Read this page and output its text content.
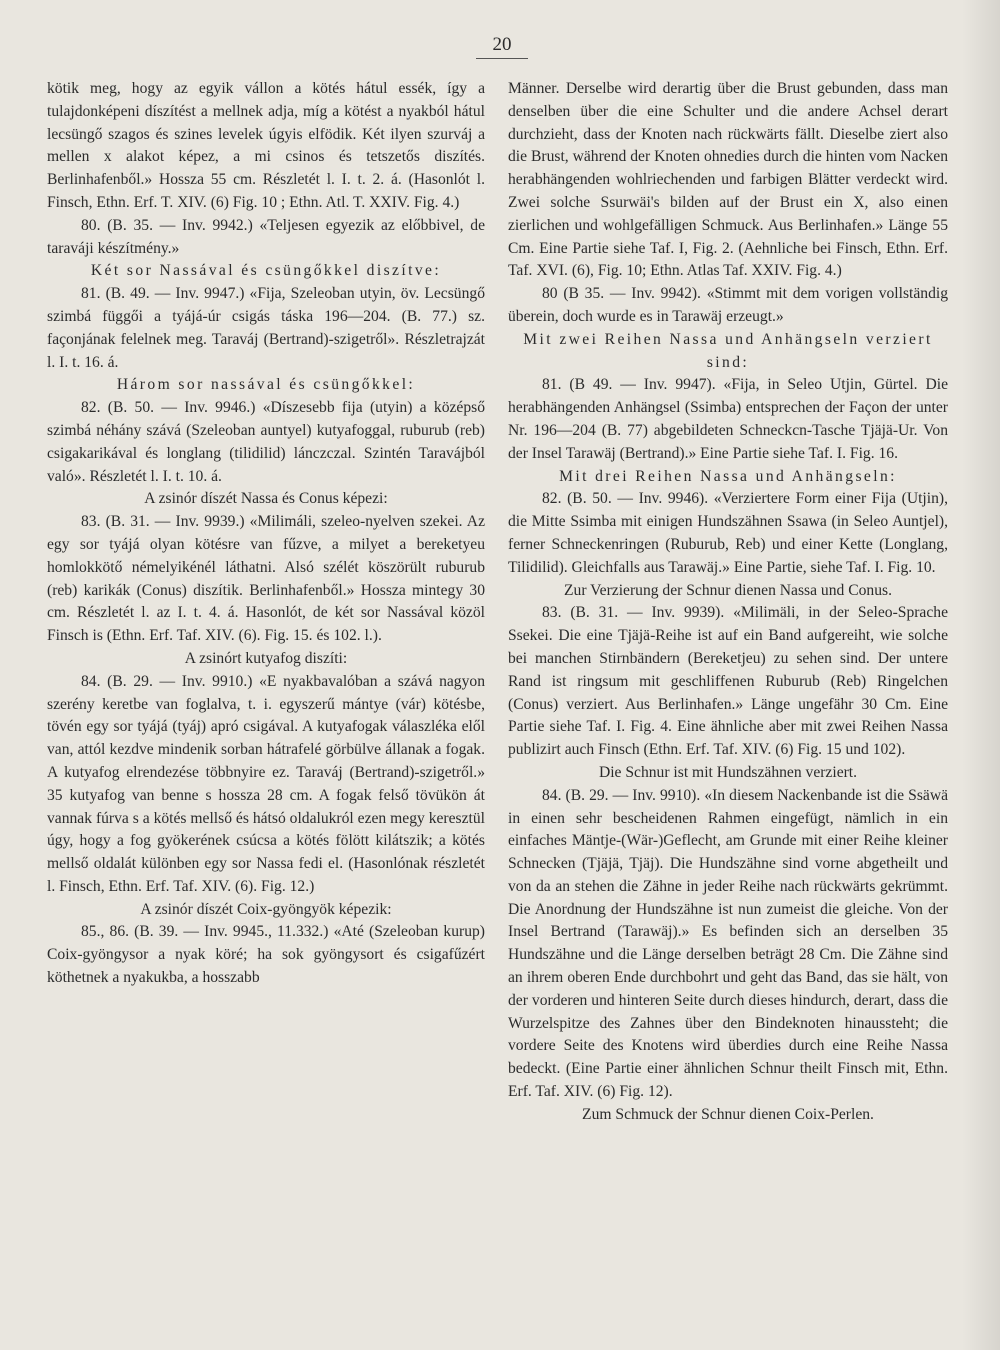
20

kötik meg, hogy az egyik vállon a kötés hátul essék, így a tulajdonképeni díszítést a mellnek adja, míg a kötést a nyakból hátul lecsüngő szagos és szines levelek úgyis elfödik. Két ilyen szurváj a mellen x alakot képez, a mi csinos és tetszetős diszítés. Berlinhafenből.» Hossza 55 cm. Részletét l. I. t. 2. á. (Hasonlót l. Finsch, Ethn. Erf. T. XIV. (6) Fig. 10 ; Ethn. Atl. T. XXIV. Fig. 4.)

80. (B. 35. — Inv. 9942.) «Teljesen egyezik az előbbivel, de taraváji készítmény.»

Két sor Nassával és csüngőkkel diszítve:

81. (B. 49. — Inv. 9947.) «Fija, Szeleoban utyin, öv. Lecsüngő szimbá függői a tyájá-úr csigás táska 196—204. (B. 77.) sz. façonjának felelnek meg. Taraváj (Bertrand)-szigetről». Részletrajzát l. I. t. 16. á.

Három sor nassával és csüngőkkel:

82. (B. 50. — Inv. 9946.) «Díszesebb fija (utyin) a középső szimbá néhány szává (Szeleoban auntyel) kutyafoggal, ruburub (reb) csigakarikával és longlang (tilidilid) lánczczal. Szintén Taravájból való». Részletét l. I. t. 10. á.

A zsinór díszét Nassa és Conus képezi:

83. (B. 31. — Inv. 9939.) «Milimáli, szeleo-nyelven szekei. Az egy sor tyájá olyan kötésre van fűzve, a milyet a bereketyeu homlokkötő némelyikénél láthatni. Alsó szélét köszörült ruburub (reb) karikák (Conus) diszítik. Berlinhafenből.» Hossza mintegy 30 cm. Részletét l. az I. t. 4. á. Hasonlót, de két sor Nassával közöl Finsch is (Ethn. Erf. Taf. XIV. (6). Fig. 15. és 102. l.).

A zsinórt kutyafog diszíti:

84. (B. 29. — Inv. 9910.) «E nyakbavalóban a szává nagyon szerény keretbe van foglalva, t. i. egyszerű mántye (vár) kötésbe, tövén egy sor tyájá (tyáj) apró csigával. A kutyafogak válaszléka elől van, attól kezdve mindenik sorban hátrafelé görbülve állanak a fogak. A kutyafog elrendezése többnyire ez. Taraváj (Bertrand)-szigetről.» 35 kutyafog van benne s hossza 28 cm. A fogak felső tövükön át vannak fúrva s a kötés mellső és hátsó oldalukról ezen megy keresztül úgy, hogy a fog gyökerének csúcsa a kötés fölött kilátszik; a kötés mellső oldalát különben egy sor Nassa fedi el. (Hasonlónak részletét l. Finsch, Ethn. Erf. Taf. XIV. (6). Fig. 12.)

A zsinór díszét Coix-gyöngyök képezik:

85., 86. (B. 39. — Inv. 9945., 11.332.) «Até (Szeleoban kurup) Coix-gyöngysor a nyak köré; ha sok gyöngysort és csigafűzért köthetnek a nyakukba, a hosszabb

Männer. Derselbe wird derartig über die Brust gebunden, dass man denselben über die eine Schulter und die andere Achsel derart durchzieht, dass der Knoten nach rückwärts fällt. Dieselbe ziert also die Brust, während der Knoten ohnedies durch die hinten vom Nacken herabhängenden wohlriechenden und farbigen Blätter verdeckt wird. Zwei solche Ssurwäi's bilden auf der Brust ein X, also einen zierlichen und wohlgefälligen Schmuck. Aus Berlinhafen.» Länge 55 Cm. Eine Partie siehe Taf. I, Fig. 2. (Aehnliche bei Finsch, Ethn. Erf. Taf. XVI. (6), Fig. 10; Ethn. Atlas Taf. XXIV. Fig. 4.)

80 (B 35. — Inv. 9942). «Stimmt mit dem vorigen vollständig überein, doch wurde es in Tarawäj erzeugt.»

Mit zwei Reihen Nassa und Anhängseln verziert sind:

81. (B 49. — Inv. 9947). «Fija, in Seleo Utjin, Gürtel. Die herabhängenden Anhängsel (Ssimba) entsprechen der Façon der unter Nr. 196—204 (B. 77) abgebildeten Schneckcn-Tasche Tjäjä-Ur. Von der Insel Tarawäj (Bertrand).» Eine Partie siehe Taf. I. Fig. 16.

Mit drei Reihen Nassa und Anhängseln:

82. (B. 50. — Inv. 9946). «Verziertere Form einer Fija (Utjin), die Mitte Ssimba mit einigen Hundszähnen Ssawa (in Seleo Auntjel), ferner Schneckenringen (Ruburub, Reb) und einer Kette (Longlang, Tilidilid). Gleichfalls aus Tarawäj.» Eine Partie, siehe Taf. I. Fig. 10.

Zur Verzierung der Schnur dienen Nassa und Conus.

83. (B. 31. — Inv. 9939). «Milimäli, in der Seleo-Sprache Ssekei. Die eine Tjäjä-Reihe ist auf ein Band aufgereiht, wie solche bei manchen Stirnbändern (Bereketjeu) zu sehen sind. Der untere Rand ist ringsum mit geschliffenen Ruburub (Reb) Ringelchen (Conus) verziert. Aus Berlinhafen.» Länge ungefähr 30 Cm. Eine Partie siehe Taf. I. Fig. 4. Eine ähnliche aber mit zwei Reihen Nassa publizirt auch Finsch (Ethn. Erf. Taf. XIV. (6) Fig. 15 und 102).

Die Schnur ist mit Hundszähnen verziert.

84. (B. 29. — Inv. 9910). «In diesem Nackenbande ist die Ssäwä in einen sehr bescheidenen Rahmen eingefügt, nämlich in ein einfaches Mäntje-(Wär-)Geflecht, am Grunde mit einer Reihe kleiner Schnecken (Tjäjä, Tjäj). Die Hundszähne sind vorne abgetheilt und von da an stehen die Zähne in jeder Reihe nach rückwärts gekrümmt. Die Anordnung der Hundszähne ist nun zumeist die gleiche. Von der Insel Bertrand (Tarawäj).» Es befinden sich an derselben 35 Hundszähne und die Länge derselben beträgt 28 Cm. Die Zähne sind an ihrem oberen Ende durchbohrt und geht das Band, das sie hält, von der vorderen und hinteren Seite durch dieses hindurch, derart, dass die Wurzelspitze des Zahnes über den Bindeknoten hinaussteht; die vordere Seite des Knotens wird überdies durch eine Reihe Nassa bedeckt. (Eine Partie einer ähnlichen Schnur theilt Finsch mit, Ethn. Erf. Taf. XIV. (6) Fig. 12).

Zum Schmuck der Schnur dienen Coix-Perlen.
